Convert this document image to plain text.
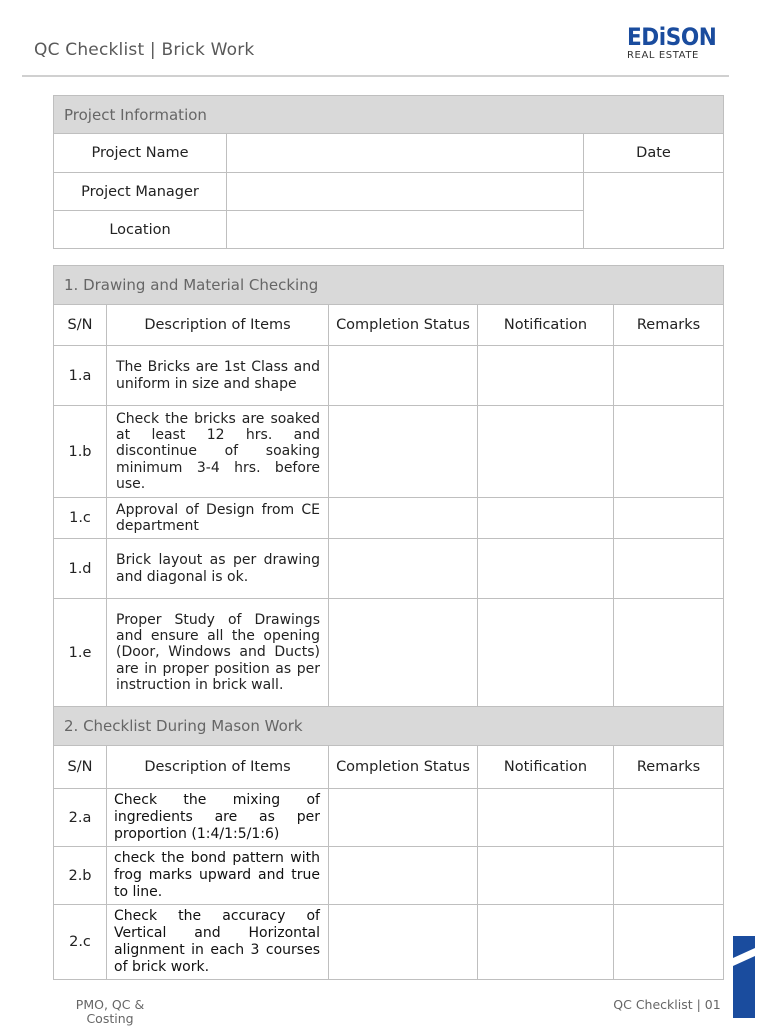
QC Checklist | Brick Work	EDiSON
REAL ESTATE
Project Information		
Project Name		Date
Project Manager		
Location		
1. Drawing and Material Checking				
S/N	Description of Items	Completion Status	Notification	Remarks
1.a	The Bricks are 1st Class and uniform in size and shape			
1.b	Check the bricks are soaked at least 12 hrs. and discontinue of soaking minimum 3-4 hrs. before use.			
1.c	Approval of Design from CE department			
1.d	Brick layout as per drawing and diagonal is ok.			
1.e	Proper Study of Drawings and ensure all the opening (Door, Windows and Ducts) are in proper position as per instruction in brick wall.			
2. Checklist During Mason Work				
S/N	Description of Items	Completion Status	Notification	Remarks
2.a	Check the mixing of ingredients are as per proportion (1:4/1:5/1:6)			
2.b	check the bond pattern with frog marks upward and true to line.			
2.c	Check the accuracy of Vertical and Horizontal alignment in each 3 courses of brick work.			
PMO, QC & Costing
QC Checklist | 01
